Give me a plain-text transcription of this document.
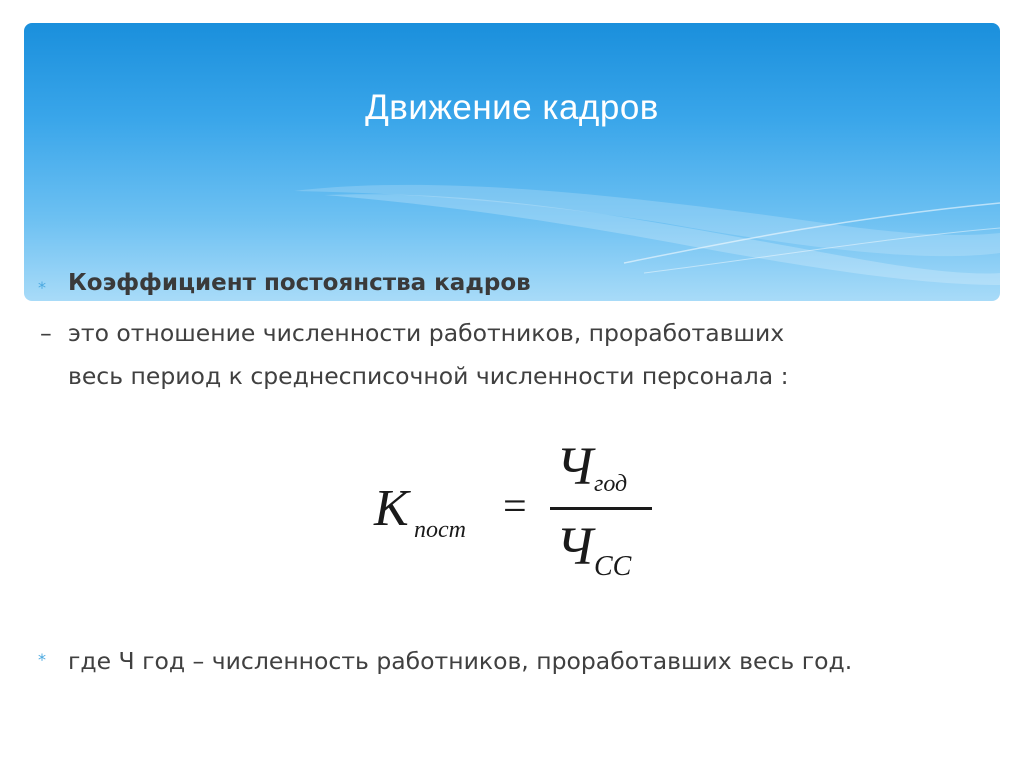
Движение кадров
* Коэффициент постоянства кадров

– это отношение численности работников, проработавших
весь период к среднесписочной численности персонала :
К пост =
Ч год
Ч СС
* где Ч год – численность работников, проработавших весь год.
